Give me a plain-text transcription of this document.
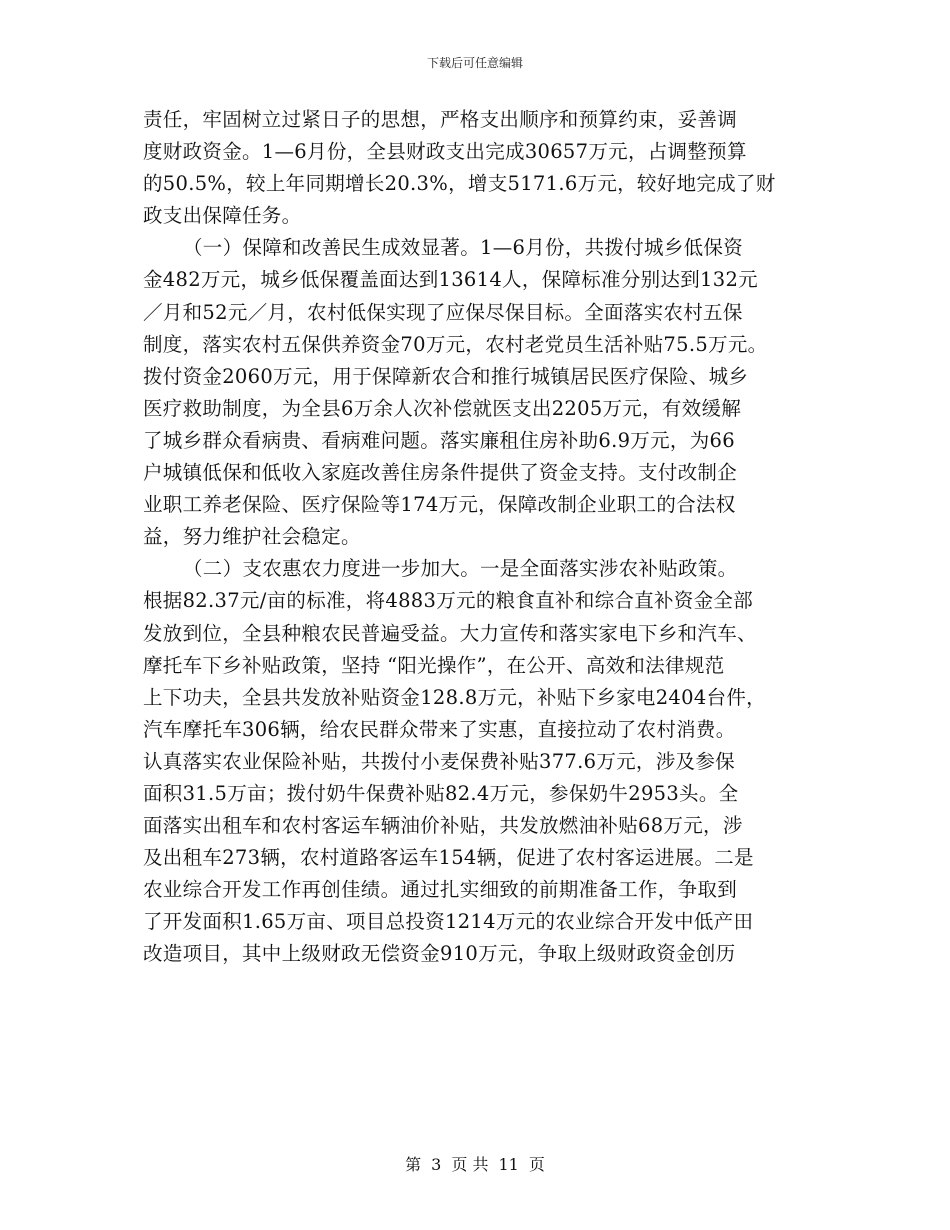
下载后可任意编辑
责任，牢固树立过紧日子的思想，严格支出顺序和预算约束，妥善调
度财政资金。1—6月份，全县财政支出完成30657万元，占调整预算
的50.5%，较上年同期增长20.3%，增支5171.6万元，较好地完成了财
政支出保障任务。
（一）保障和改善民生成效显著。1—6月份，共拨付城乡低保资
金482万元，城乡低保覆盖面达到13614人，保障标准分别达到132元
／月和52元／月，农村低保实现了应保尽保目标。全面落实农村五保
制度，落实农村五保供养资金70万元，农村老党员生活补贴75.5万元。
拨付资金2060万元，用于保障新农合和推行城镇居民医疗保险、城乡
医疗救助制度，为全县6万余人次补偿就医支出2205万元，有效缓解
了城乡群众看病贵、看病难问题。落实廉租住房补助6.9万元，为66
户城镇低保和低收入家庭改善住房条件提供了资金支持。支付改制企
业职工养老保险、医疗保险等174万元，保障改制企业职工的合法权
益，努力维护社会稳定。
（二）支农惠农力度进一步加大。一是全面落实涉农补贴政策。
根据82.37元/亩的标准，将4883万元的粮食直补和综合直补资金全部
发放到位，全县种粮农民普遍受益。大力宣传和落实家电下乡和汽车、
摩托车下乡补贴政策，坚持 “阳光操作”，在公开、高效和法律规范
上下功夫，全县共发放补贴资金128.8万元，补贴下乡家电2404台件，
汽车摩托车306辆，给农民群众带来了实惠，直接拉动了农村消费。
认真落实农业保险补贴，共拨付小麦保费补贴377.6万元，涉及参保
面积31.5万亩；拨付奶牛保费补贴82.4万元，参保奶牛2953头。全
面落实出租车和农村客运车辆油价补贴，共发放燃油补贴68万元，涉
及出租车273辆，农村道路客运车154辆，促进了农村客运进展。二是
农业综合开发工作再创佳绩。通过扎实细致的前期准备工作，争取到
了开发面积1.65万亩、项目总投资1214万元的农业综合开发中低产田
改造项目，其中上级财政无偿资金910万元，争取上级财政资金创历
第 3 页 共 11 页
